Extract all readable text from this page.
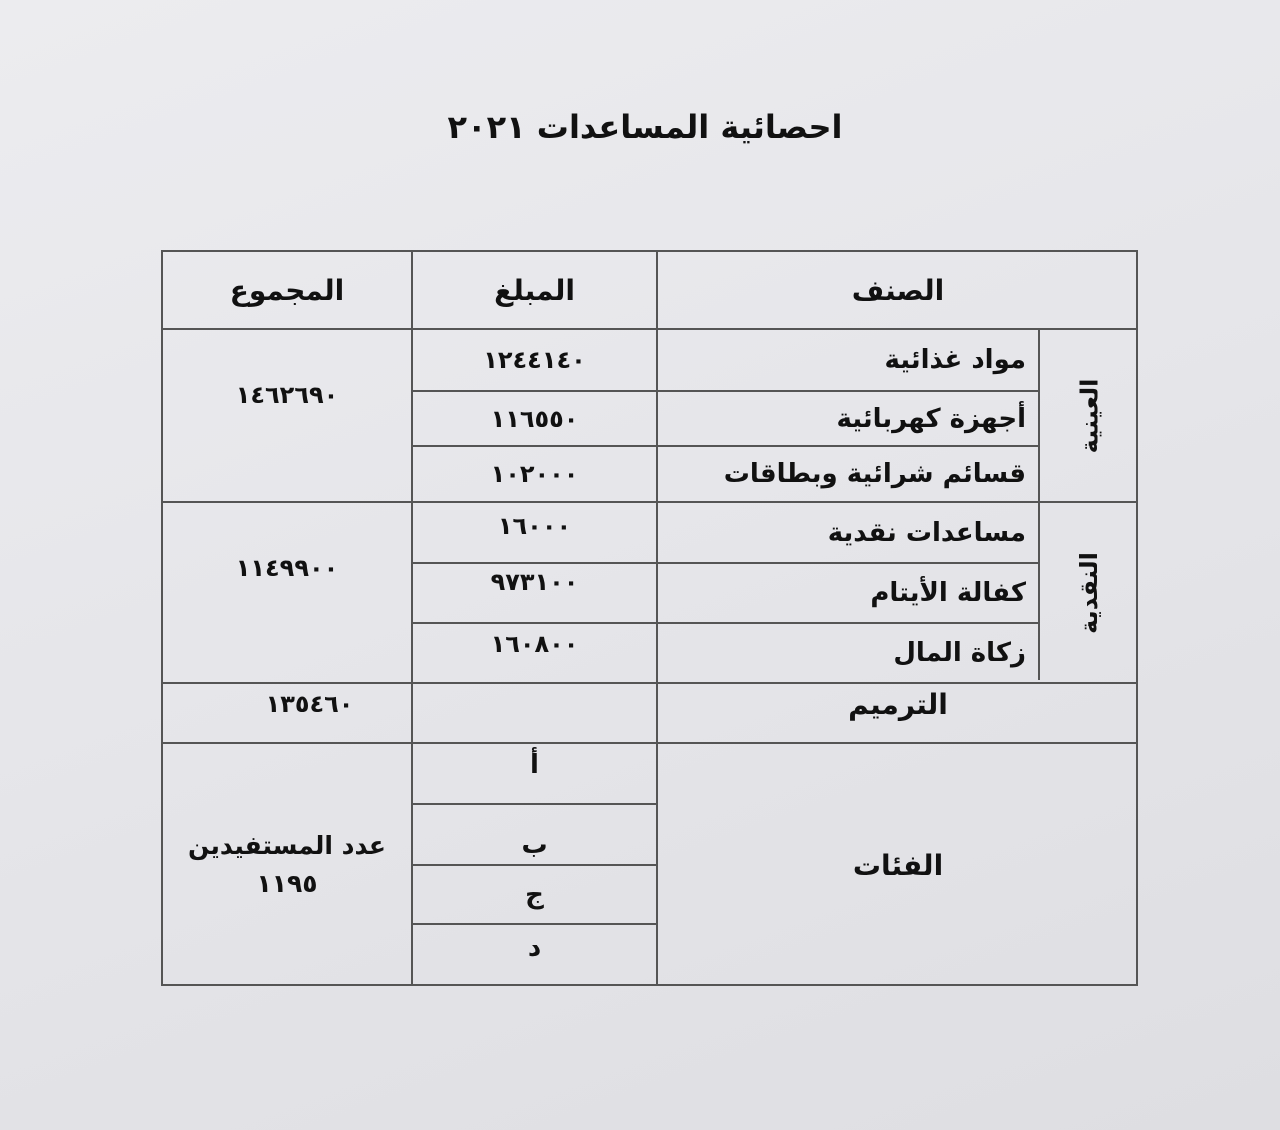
احصائية المساعدات ٢٠٢١
الصنف
المبلغ
المجموع
العينية
مواد غذائية
١٢٤٤١٤٠
أجهزة كهربائية
١١٦٥٥٠
قسائم شرائية وبطاقات
١٠٢٠٠٠
١٤٦٢٦٩٠
النقدية
مساعدات نقدية
١٦٠٠٠
كفالة الأيتام
٩٧٣١٠٠
زكاة المال
١٦٠٨٠٠
١١٤٩٩٠٠
الترميم
١٣٥٤٦٠
الفئات
أ
ب
ج
د
عدد المستفيدين
١١٩٥
